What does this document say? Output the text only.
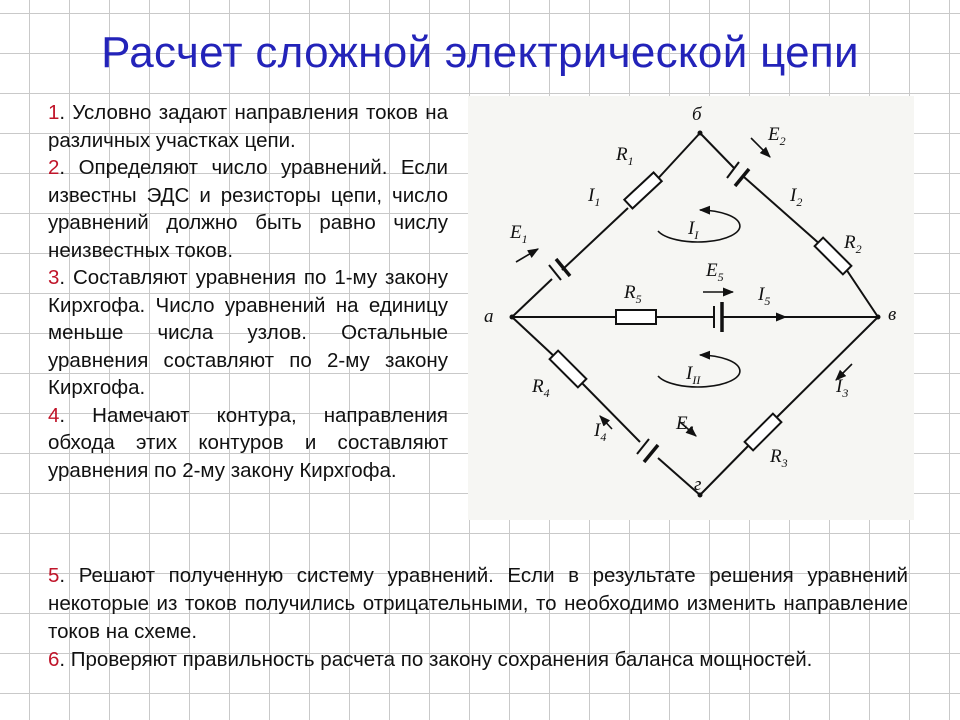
Расчет сложной электрической цепи

1. Условно задают направления токов на различных участках цепи.

2. Определяют число уравнений. Если известны ЭДС и резисторы цепи, число уравнений должно быть равно числу неизвестных токов.

3. Составляют уравнения по 1-му закону Кирхгофа. Число уравнений на единицу меньше числа узлов. Остальные уравнения составляют по 2-му закону Кирхгофа.

4. Намечают контура, направления обхода этих контуров и составляют уравнения по 2-му закону Кирхгофа.

5. Решают полученную систему уравнений. Если в результате решения уравнений некоторые из токов получились отрицательными, то необходимо изменить направление токов на схеме.

6. Проверяют правильность расчета по закону сохранения баланса мощностей.

а
б
в
г
$R_1$
$R_2$
$R_3$
$R_4$
$R_5$
$E_1$
$E_2$
$E_4$
$E_5$
$I_1$	$I_2$
$I_3$
$I_4$
$I_5$
$I_I$
$I_{II}$
